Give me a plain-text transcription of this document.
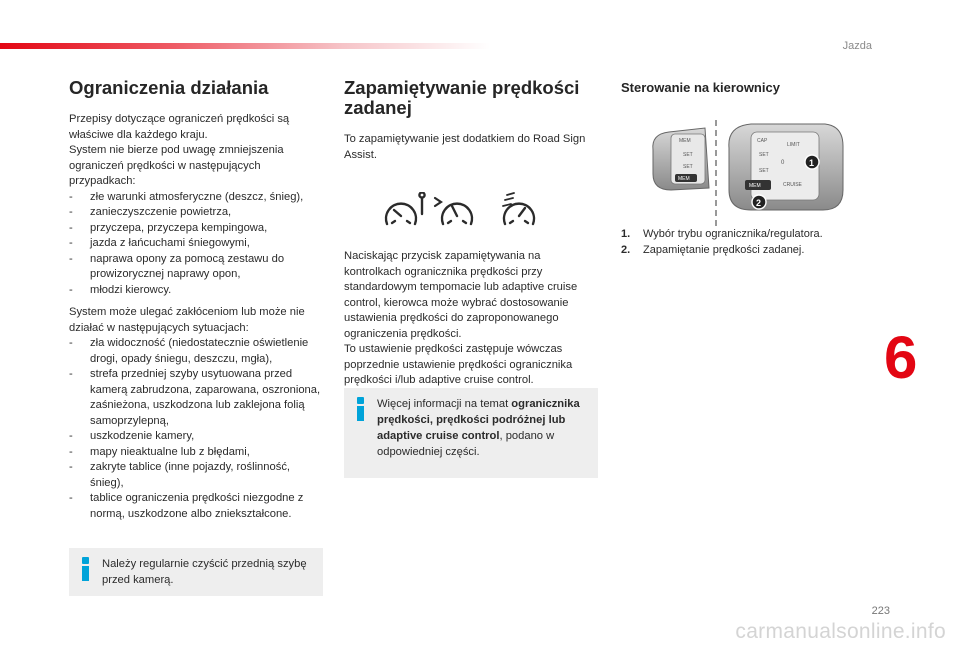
Jazda
Ograniczenia działania

Przepisy dotyczące ograniczeń prędkości są właściwe dla każdego kraju.

System nie bierze pod uwagę zmniejszenia ograniczeń prędkości w następujących przypadkach:

- złe warunki atmosferyczne (deszcz, śnieg),
- zanieczyszczenie powietrza,
- przyczepa, przyczepa kempingowa,
- jazda z łańcuchami śniegowymi,
- naprawa opony za pomocą zestawu do prowizorycznej naprawy opon,
- młodzi kierowcy.

System może ulegać zakłóceniom lub może nie działać w następujących sytuacjach:

- zła widoczność (niedostatecznie oświetlenie drogi, opady śniegu, deszczu, mgła),
- strefa przedniej szyby usytuowana przed kamerą zabrudzona, zaparowana, oszroniona, zaśnieżona, uszkodzona lub zaklejona folią samoprzylepną,
- uszkodzenie kamery,
- mapy nieaktualne lub z błędami,
- zakryte tablice (inne pojazdy, roślinność, śnieg),
- tablice ograniczenia prędkości niezgodne z normą, uszkodzone albo zniekształcone.
Należy regularnie czyścić przednią szybę przed kamerą.
Zapamiętywanie prędkości zadanej

To zapamiętywanie jest dodatkiem do Road Sign Assist.

Naciskając przycisk zapamiętywania na kontrolkach ogranicznika prędkości przy standardowym tempomacie lub adaptive cruise control, kierowca może wybrać dostosowanie ustawienia prędkości do zaproponowanego ograniczenia prędkości.

To ustawienie prędkości zastępuje wówczas poprzednie ustawienie prędkości ogranicznika prędkości i/lub adaptive cruise control.

Więcej informacji na temat ogranicznika prędkości, prędkości podróżnej lub adaptive cruise control, podano w odpowiedniej części.
Sterowanie na kierownicy
MEM
SET
SET
MEM
CAP
LIMIT
0
SET
SET
CRUISE
MEM
1
2
1.	Wybór trybu ogranicznika/regulatora.
2.	Zapamiętanie prędkości zadanej.
6
223
carmanualsonline.info
